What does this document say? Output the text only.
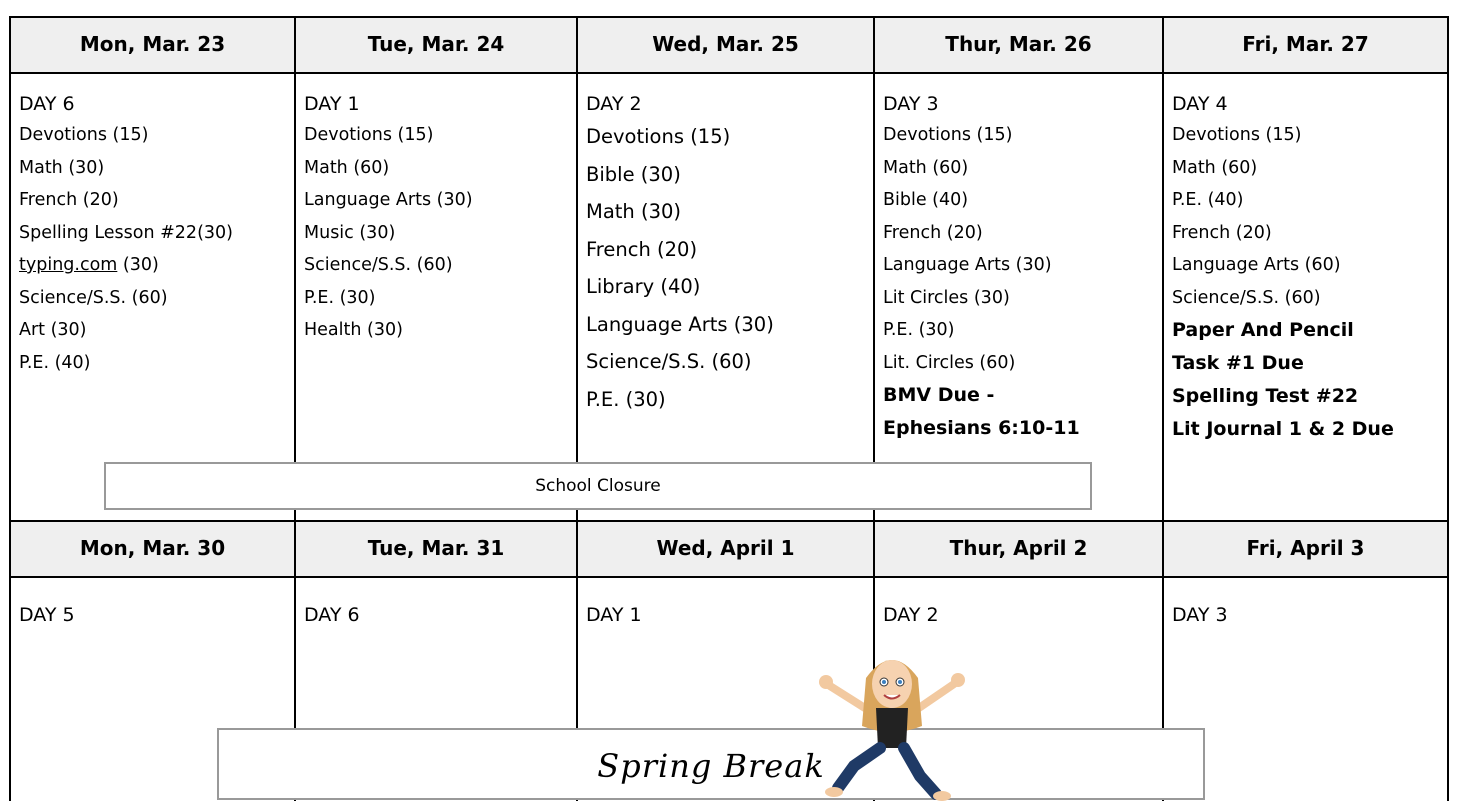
Mon, Mar. 23	Tue, Mar. 24	Wed, Mar. 25	Thur, Mar. 26	Fri, Mar. 27
DAY 6
Devotions (15)
Math (30)
French (20)
Spelling Lesson #22(30)
typing.com (30)
Science/S.S. (60)
Art (30)
P.E. (40)
DAY 1
Devotions (15)
Math (60)
Language Arts (30)
Music (30)
Science/S.S. (60)
P.E. (30)
Health (30)
DAY 2
Devotions (15)
Bible (30)
Math (30)
French (20)
Library (40)
Language Arts (30)
Science/S.S. (60)
P.E. (30)
DAY 3
Devotions (15)
Math (60)
Bible (40)
French (20)
Language Arts (30)
Lit Circles (30)
P.E. (30)
Lit. Circles (60)
BMV Due -
Ephesians 6:10-11
DAY 4
Devotions (15)
Math (60)
P.E. (40)
French (20)
Language Arts (60)
Science/S.S. (60)
Paper And Pencil
Task #1 Due
Spelling Test #22
Lit Journal 1 & 2 Due
School Closure
Mon, Mar. 30	Tue, Mar. 31	Wed, April 1	Thur, April 2	Fri, April 3
DAY 5	DAY 6	DAY 1	DAY 2	DAY 3
Spring Break
